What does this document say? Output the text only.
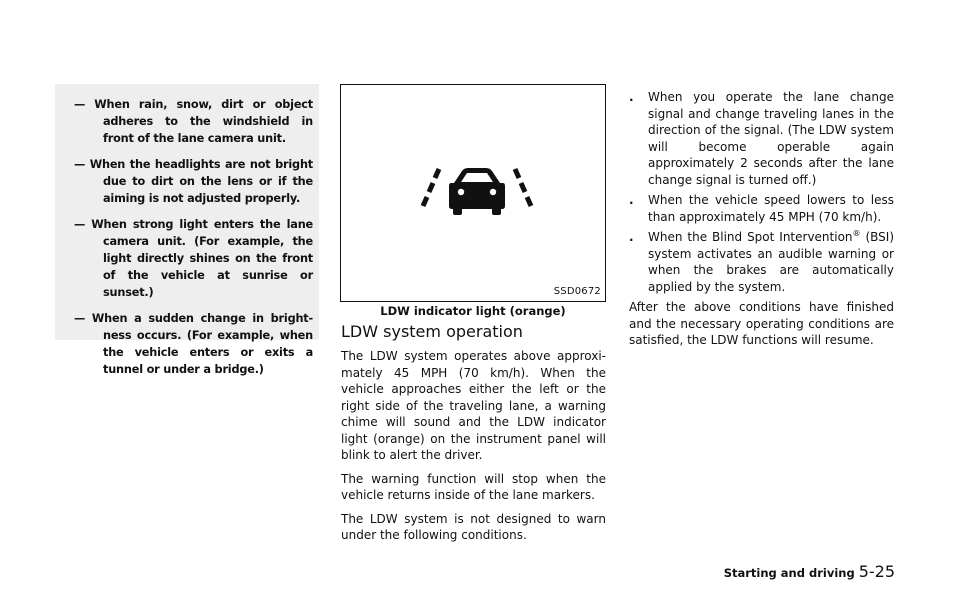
— When rain, snow, dirt or object adheres to the windshield in front of the lane camera unit.
— When the headlights are not bright due to dirt on the lens or if the aiming is not adjusted properly.
— When strong light enters the lane camera unit. (For example, the light directly shines on the front of the vehicle at sunrise or sunset.)
— When a sudden change in bright-ness occurs. (For example, when the vehicle enters or exits a tunnel or under a bridge.)
SSD0672
LDW indicator light (orange)
LDW system operation

The LDW system operates above approxi-mately 45 MPH (70 km/h). When the vehicle approaches either the left or the right side of the traveling lane, a warning chime will sound and the LDW indicator light (orange) on the instrument panel will blink to alert the driver.

The warning function will stop when the vehicle returns inside of the lane markers.

The LDW system is not designed to warn under the following conditions.

. When you operate the lane change signal and change traveling lanes in the direction of the signal. (The LDW system will become operable again approximately 2 seconds after the lane change signal is turned off.)
. When the vehicle speed lowers to less than approximately 45 MPH (70 km/h).
. When the Blind Spot Intervention® (BSI) system activates an audible warning or when the brakes are automatically applied by the system.

After the above conditions have finished and the necessary operating conditions are satisfied, the LDW functions will resume.

Starting and driving 5-25
